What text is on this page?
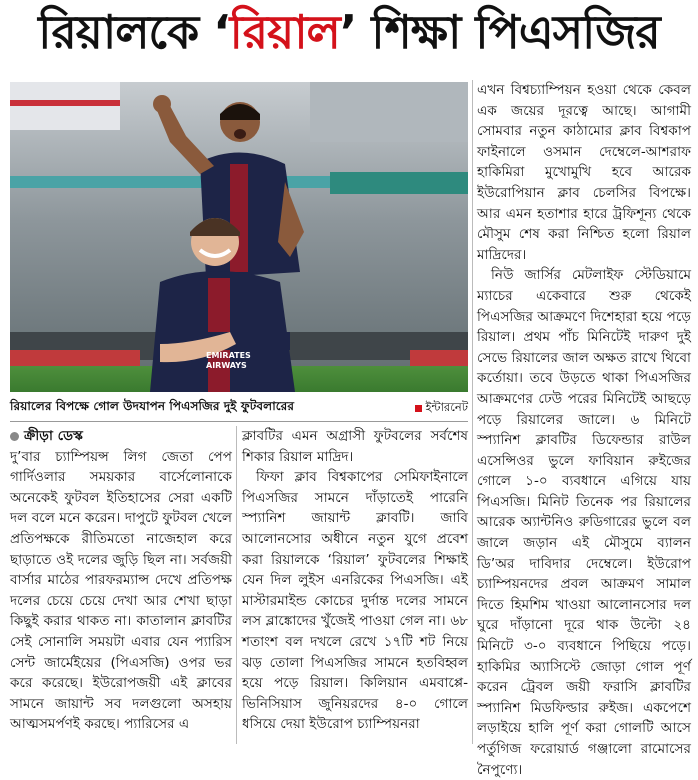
রিয়ালকে ‘ রিয়াল ’ শিক্ষা পিএসজির
EMIRATES
AIRWAYS
রিয়ালের বিপক্ষে গোল উদযাপন পিএসজির দুই ফুটবলারের	ইন্টারনেট
ক্রীড়া ডেস্ক

দু’বার চ্যাম্পিয়ন্স লিগ জেতা পেপ গার্দিওলার সময়কার বার্সেলোনাকে অনেকেই ফুটবল ইতিহাসের সেরা একটি দল বলে মনে করেন। দাপুটে ফুটবল খেলে প্রতিপক্ষকে রীতিমতো নাজেহাল করে ছাড়াতে ওই দলের জুড়ি ছিল না। সর্বজয়ী বার্সার মাঠের পারফরম্যান্স দেখে প্রতিপক্ষ দলের চেয়ে চেয়ে দেখা আর শেখা ছাড়া কিছুই করার থাকত না। কাতালান ক্লাবটির সেই সোনালি সময়টা এবার যেন প্যারিস সেন্ট জার্মেইয়ের (পিএসজি) ওপর ভর করে করেছে। ইউরোপজয়ী এই ক্লাবের সামনে জায়ান্ট সব দলগুলো অসহায় আত্মসমর্পণই করছে। প্যারিসের এ

ক্লাবটির এমন অগ্রাসী ফুটবলের সর্বশেষ শিকার রিয়াল মাদ্রিদ।

ফিফা ক্লাব বিশ্বকাপের সেমিফাইনালে পিএসজির সামনে দাঁড়াতেই পারেনি স্প্যানিশ জায়ান্ট ক্লাবটি। জাবি আলোনসোর অধীনে নতুন যুগে প্রবেশ করা রিয়ালকে ‘রিয়াল’ ফুটবলের শিক্ষাই যেন দিল লুইস এনরিকের পিএসজি। এই মাস্টারমাইন্ড কোচের দুর্দান্ত দলের সামনে লস ব্লাঙ্কোদের খুঁজেই পাওয়া গেল না। ৬৮ শতাংশ বল দখলে রেখে ১৭টি শট নিয়ে ঝড় তোলা পিএসজির সামনে হতবিহ্বল হয়ে পড়ে রিয়াল। কিলিয়ান এমবাপ্পে-ভিনিসিয়াস জুনিয়রদের ৪-০ গোলে ধসিয়ে দেয়া ইউরোপ চ্যাম্পিয়নরা

এখন বিশ্বচ্যাম্পিয়ন হওয়া থেকে কেবল এক জয়ের দূরত্বে আছে। আগামী সোমবার নতুন কাঠামোর ক্লাব বিশ্বকাপ ফাইনালে ওসমান দেম্বেলে-আশরাফ হাকিমিরা মুখোমুখি হবে আরেক ইউরোপিয়ান ক্লাব চেলসির বিপক্ষে। আর এমন হতাশার হারে ট্রফিশূন্য থেকে মৌসুম শেষ করা নিশ্চিত হলো রিয়াল মাদ্রিদের।

নিউ জার্সির মেটলাইফ স্টেডিয়ামে ম্যাচের একেবারে শুরু থেকেই পিএসজির আক্রমণে দিশেহারা হয়ে পড়ে রিয়াল। প্রথম পাঁচ মিনিটেই দারুণ দুই সেভে রিয়ালের জাল অক্ষত রাখে থিবো কর্তোয়া। তবে উড়তে থাকা পিএসজির আক্রমণের ঢেউ পরের মিনিটেই আছড়ে পড়ে রিয়ালের জালে। ৬ মিনিটে স্প্যানিশ ক্লাবটির ডিফেন্ডার রাউল এসেন্সিওর ভুলে ফাবিয়ান রুইজের গোলে ১-০ ব্যবধানে এগিয়ে যায় পিএসজি। মিনিট তিনেক পর রিয়ালের আরেক অ্যান্টনিও রুডিগারের ভুলে বল জালে জড়ান এই মৌসুমে ব্যালন ডি’অর দাবিদার দেম্বেলে। ইউরোপ চ্যাম্পিয়নদের প্রবল আক্রমণ সামাল দিতে হিমশিম খাওয়া আলোনসোর দল ঘুরে দাঁড়ানো দূরে থাক উল্টো ২৪ মিনিটে ৩-০ ব্যবধানে পিছিয়ে পড়ে। হাকিমির অ্যাসিস্টে জোড়া গোল পূর্ণ করেন ট্রেবল জয়ী ফরাসি ক্লাবটির স্প্যানিশ মিডফিল্ডার রুইজ। একপেশে লড়াইয়ে হালি পূর্ণ করা গোলটি আসে পর্তুগিজ ফরোয়ার্ড গঞ্জালো রামোসের নৈপুণ্যে।
